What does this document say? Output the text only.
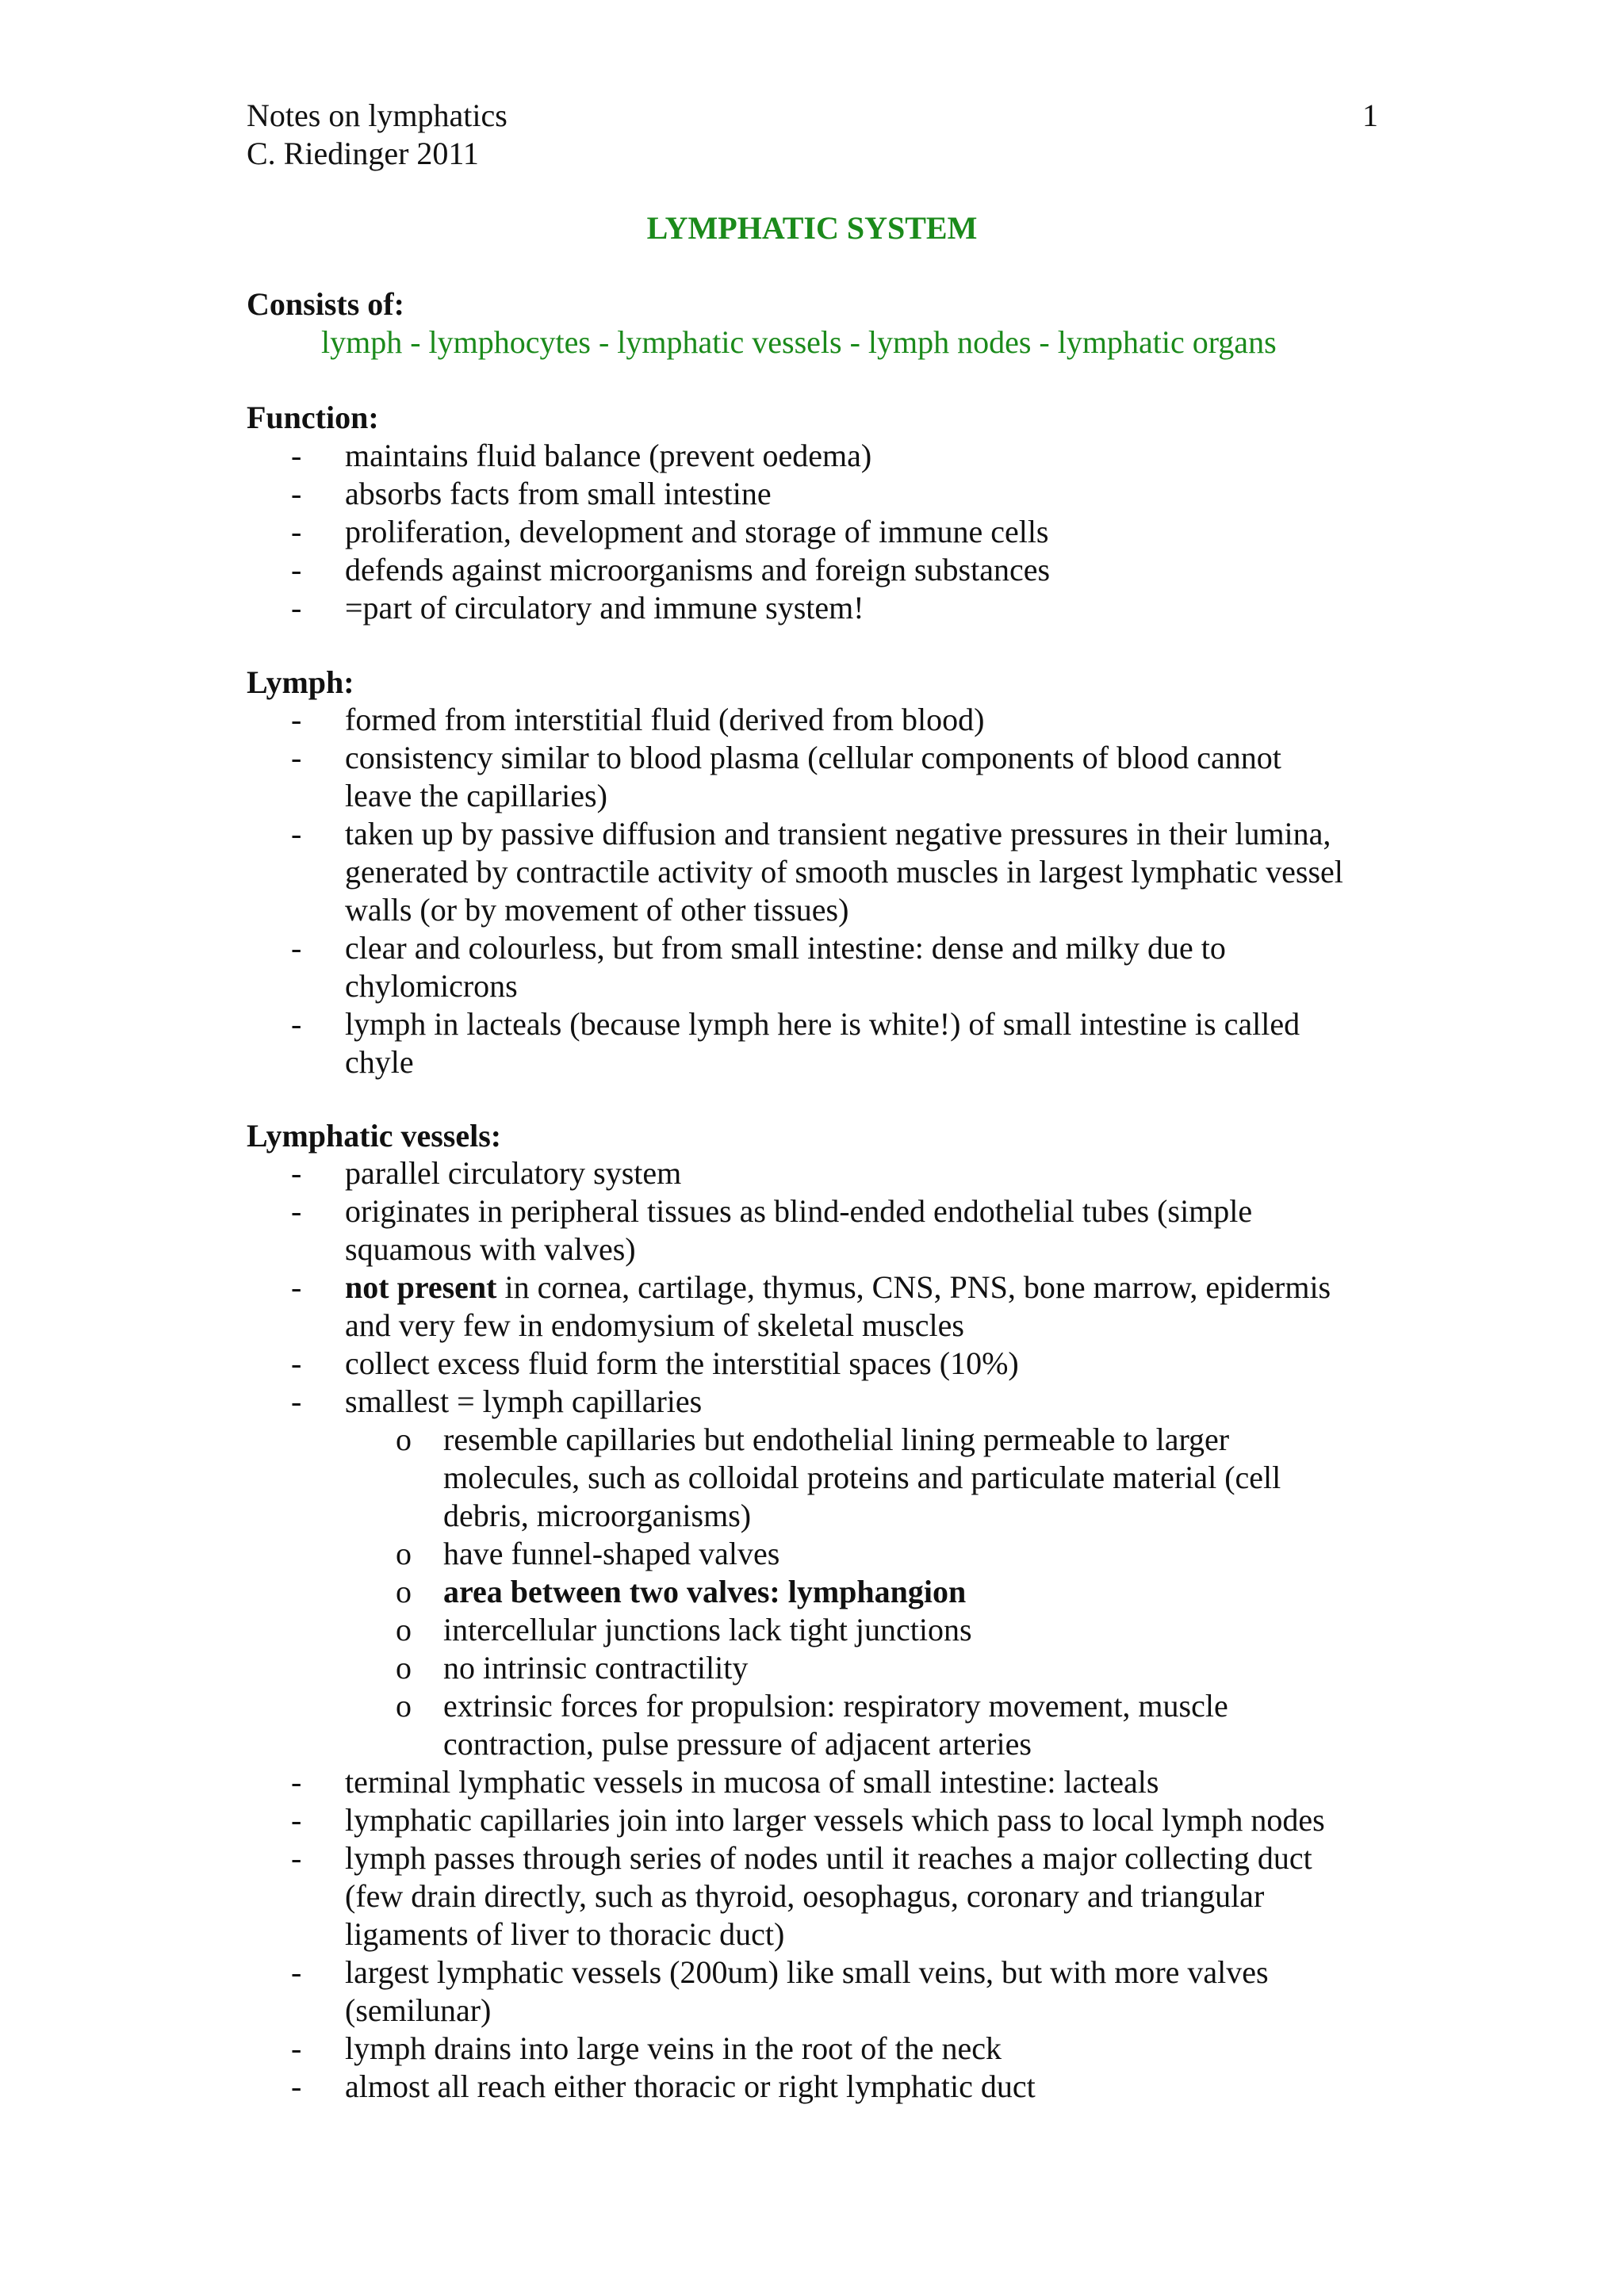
Notes on lymphatics
C. Riedinger 2011
1
LYMPHATIC SYSTEM
Consists of:
lymph - lymphocytes - lymphatic vessels - lymph nodes - lymphatic organs
Function:
- maintains fluid balance (prevent oedema)
- absorbs facts from small intestine
- proliferation, development and storage of immune cells
- defends against microorganisms and foreign substances
- =part of circulatory and immune system!
Lymph:
- formed from interstitial fluid (derived from blood)
- consistency similar to blood plasma (cellular components of blood cannot
leave the capillaries)
- taken up by passive diffusion and transient negative pressures in their lumina,
generated by contractile activity of smooth muscles in largest lymphatic vessel
walls (or by movement of other tissues)
- clear and colourless, but from small intestine: dense and milky due to
chylomicrons
- lymph in lacteals (because lymph here is white!) of small intestine is called
chyle
Lymphatic vessels:
- parallel circulatory system
- originates in peripheral tissues as blind-ended endothelial tubes (simple
squamous with valves)
- not present in cornea, cartilage, thymus, CNS, PNS, bone marrow, epidermis
and very few in endomysium of skeletal muscles
- collect excess fluid form the interstitial spaces (10%)
- smallest = lymph capillaries
o resemble capillaries but endothelial lining permeable to larger
molecules, such as colloidal proteins and particulate material (cell
debris, microorganisms)
o have funnel-shaped valves
o area between two valves: lymphangion
o intercellular junctions lack tight junctions
o no intrinsic contractility
o extrinsic forces for propulsion: respiratory movement, muscle
contraction, pulse pressure of adjacent arteries
- terminal lymphatic vessels in mucosa of small intestine: lacteals
- lymphatic capillaries join into larger vessels which pass to local lymph nodes
- lymph passes through series of nodes until it reaches a major collecting duct
(few drain directly, such as thyroid, oesophagus, coronary and triangular
ligaments of liver to thoracic duct)
- largest lymphatic vessels (200um) like small veins, but with more valves
(semilunar)
- lymph drains into large veins in the root of the neck
- almost all reach either thoracic or right lymphatic duct
